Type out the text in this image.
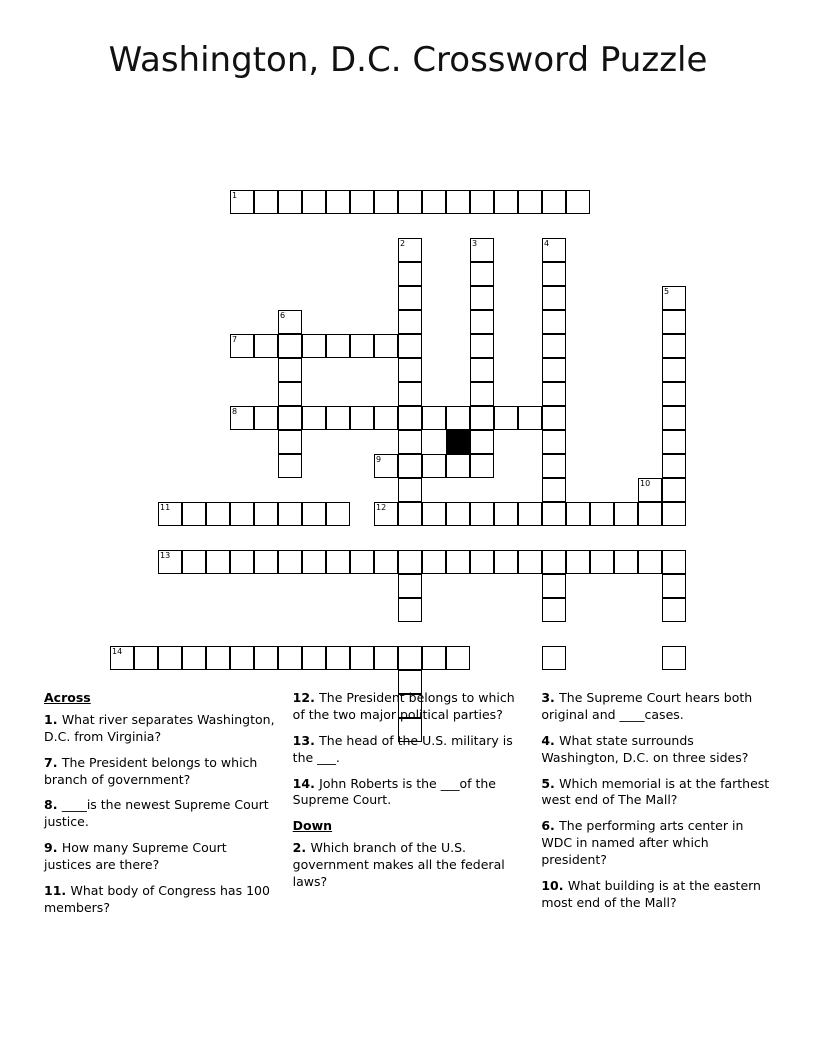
Washington, D.C. Crossword Puzzle
1
2	3	4
5
6
7
8
9
10
11	12
13
14
Across

1. What river separates Washington, D.C. from Virginia?

7. The President belongs to which branch of government?

8. ____is the newest Supreme Court justice.

9. How many Supreme Court justices are there?

11. What body of Congress has 100 members?

12. The President belongs to which of the two major political parties?

13. The head of the U.S. military is the ___.

14. John Roberts is the ___of the Supreme Court.

Down

2. Which branch of the U.S. government makes all the federal laws?

3. The Supreme Court hears both original and ____cases.

4. What state surrounds Washington, D.C. on three sides?

5. Which memorial is at the farthest west end of The Mall?

6. The performing arts center in WDC in named after which president?

10. What building is at the eastern most end of the Mall?
